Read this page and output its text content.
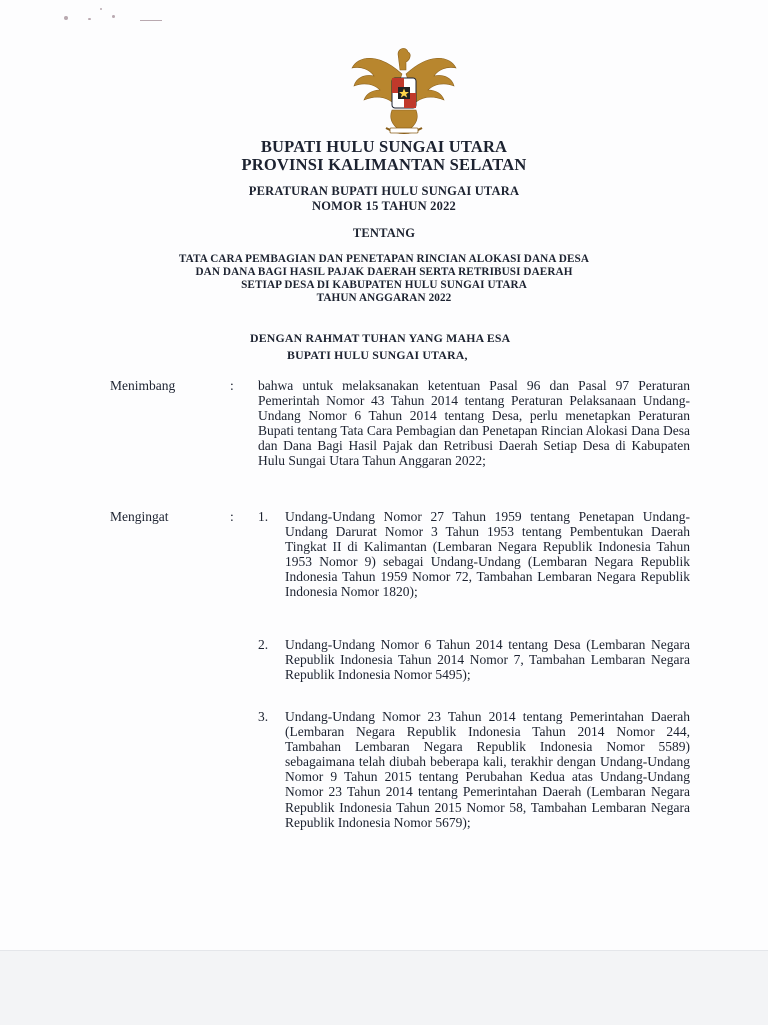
BUPATI HULU SUNGAI UTARA
PROVINSI KALIMANTAN SELATAN
PERATURAN BUPATI HULU SUNGAI UTARA
NOMOR 15 TAHUN 2022
TENTANG
TATA CARA PEMBAGIAN DAN PENETAPAN RINCIAN ALOKASI DANA DESA
DAN DANA BAGI HASIL PAJAK DAERAH SERTA RETRIBUSI DAERAH
SETIAP DESA DI KABUPATEN HULU SUNGAI UTARA
TAHUN ANGGARAN 2022
DENGAN RAHMAT TUHAN YANG MAHA ESA
BUPATI HULU SUNGAI UTARA,
Menimbang	: bahwa untuk melaksanakan ketentuan Pasal 96 dan Pasal 97 Peraturan Pemerintah Nomor 43 Tahun 2014 tentang Peraturan Pelaksanaan Undang-Undang Nomor 6 Tahun 2014 tentang Desa, perlu menetapkan Peraturan Bupati tentang Tata Cara Pembagian dan Penetapan Rincian Alokasi Dana Desa dan Dana Bagi Hasil Pajak dan Retribusi Daerah Setiap Desa di Kabupaten Hulu Sungai Utara Tahun Anggaran 2022;
Mengingat	: 1. Undang-Undang Nomor 27 Tahun 1959 tentang Penetapan Undang-Undang Darurat Nomor 3 Tahun 1953 tentang Pembentukan Daerah Tingkat II di Kalimantan (Lembaran Negara Republik Indonesia Tahun 1953 Nomor 9) sebagai Undang-Undang (Lembaran Negara Republik Indonesia Tahun 1959 Nomor 72, Tambahan Lembaran Negara Republik Indonesia Nomor 1820);
2. Undang-Undang Nomor 6 Tahun 2014 tentang Desa (Lembaran Negara Republik Indonesia Tahun 2014 Nomor 7, Tambahan Lembaran Negara Republik Indonesia Nomor 5495);
3. Undang-Undang Nomor 23 Tahun 2014 tentang Pemerintahan Daerah (Lembaran Negara Republik Indonesia Tahun 2014 Nomor 244, Tambahan Lembaran Negara Republik Indonesia Nomor 5589) sebagaimana telah diubah beberapa kali, terakhir dengan Undang-Undang Nomor 9 Tahun 2015 tentang Perubahan Kedua atas Undang-Undang Nomor 23 Tahun 2014 tentang Pemerintahan Daerah (Lembaran Negara Republik Indonesia Tahun 2015 Nomor 58, Tambahan Lembaran Negara Republik Indonesia Nomor 5679);
